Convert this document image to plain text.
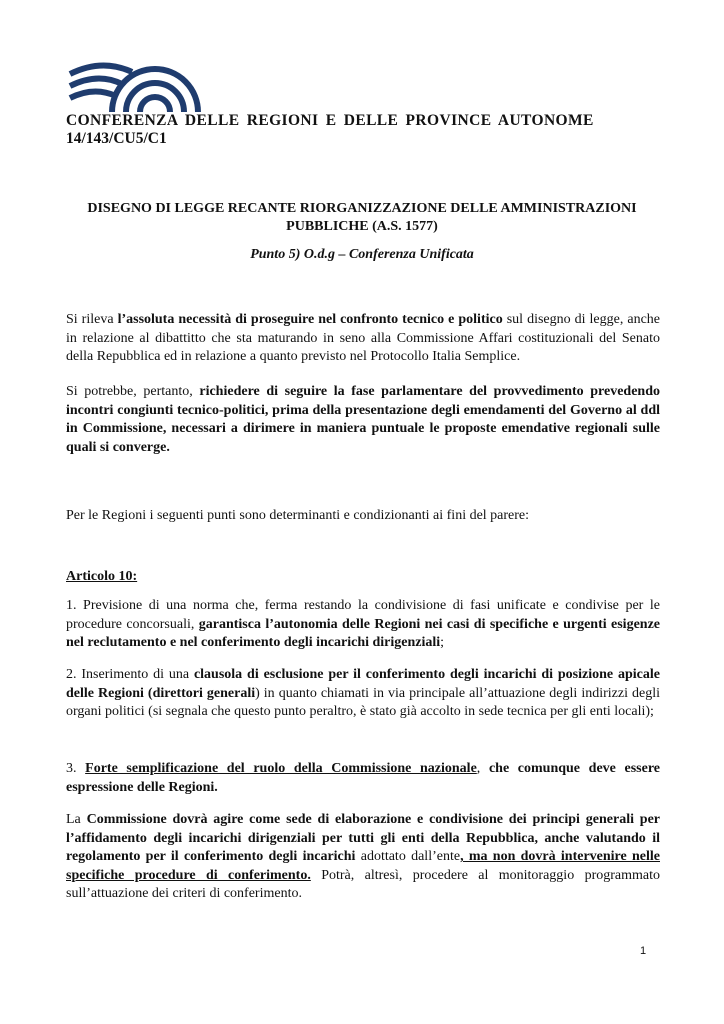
CONFERENZA DELLE REGIONI E DELLE PROVINCE AUTONOME
14/143/CU5/C1
DISEGNO DI LEGGE RECANTE RIORGANIZZAZIONE DELLE AMMINISTRAZIONI
PUBBLICHE (A.S. 1577)
Punto 5) O.d.g – Conferenza Unificata

Si rileva l’assoluta necessità di proseguire nel confronto tecnico e politico sul disegno di legge, anche in relazione al dibattitto che sta maturando in seno alla Commissione Affari costituzionali del Senato della Repubblica ed in relazione a quanto previsto nel Protocollo Italia Semplice.

Si potrebbe, pertanto, richiedere di seguire la fase parlamentare del provvedimento prevedendo incontri congiunti tecnico-politici, prima della presentazione degli emendamenti del Governo al ddl in Commissione, necessari a dirimere in maniera puntuale le proposte emendative regionali sulle quali si converge.

Per le Regioni i seguenti punti sono determinanti e condizionanti ai fini del parere:

Articolo 10:

1. Previsione di una norma che, ferma restando la condivisione di fasi unificate e condivise per le procedure concorsuali, garantisca l’autonomia delle Regioni nei casi di specifiche e urgenti esigenze nel reclutamento e nel conferimento degli incarichi dirigenziali;

2. Inserimento di una clausola di esclusione per il conferimento degli incarichi di posizione apicale delle Regioni (direttori generali) in quanto chiamati in via principale all’attuazione degli indirizzi degli organi politici (si segnala che questo punto peraltro, è stato già accolto in sede tecnica per gli enti locali);

3. Forte semplificazione del ruolo della Commissione nazionale, che comunque deve essere espressione delle Regioni.

La Commissione dovrà agire come sede di elaborazione e condivisione dei principi generali per l’affidamento degli incarichi dirigenziali per tutti gli enti della Repubblica, anche valutando il regolamento per il conferimento degli incarichi adottato dall’ente, ma non dovrà intervenire nelle specifiche procedure di conferimento. Potrà, altresì, procedere al monitoraggio programmato sull’attuazione dei criteri di conferimento.

1
